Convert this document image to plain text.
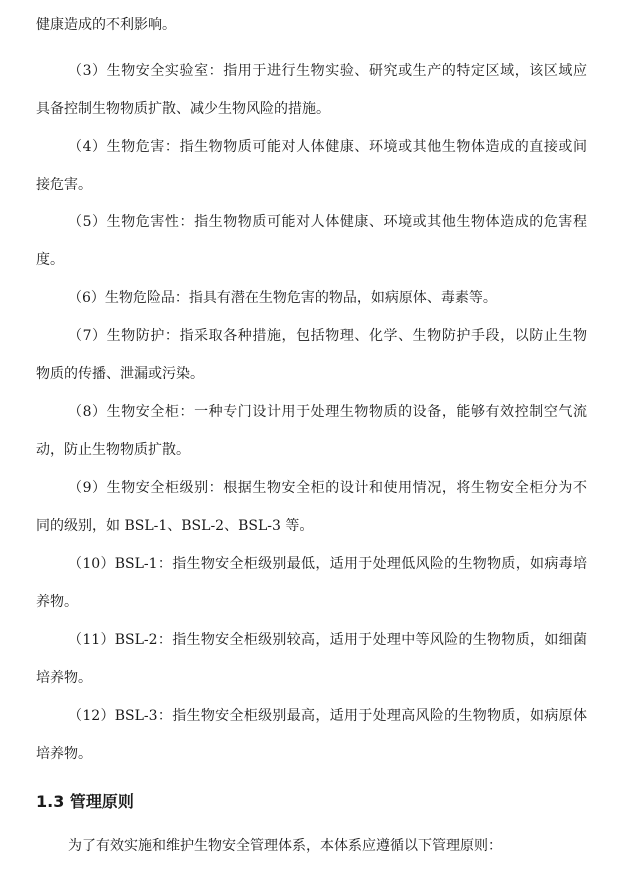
健康造成的不利影响。
（3）生物安全实验室：指用于进行生物实验、研究或生产的特定区域，该区域应
具备控制生物物质扩散、减少生物风险的措施。
（4）生物危害：指生物物质可能对人体健康、环境或其他生物体造成的直接或间
接危害。
（5）生物危害性：指生物物质可能对人体健康、环境或其他生物体造成的危害程
度。
（6）生物危险品：指具有潜在生物危害的物品，如病原体、毒素等。
（7）生物防护：指采取各种措施，包括物理、化学、生物防护手段，以防止生物
物质的传播、泄漏或污染。
（8）生物安全柜：一种专门设计用于处理生物物质的设备，能够有效控制空气流
动，防止生物物质扩散。
（9）生物安全柜级别：根据生物安全柜的设计和使用情况，将生物安全柜分为不
同的级别，如 BSL-1、BSL-2、BSL-3 等。
（10）BSL-1：指生物安全柜级别最低，适用于处理低风险的生物物质，如病毒培
养物。
（11）BSL-2：指生物安全柜级别较高，适用于处理中等风险的生物物质，如细菌
培养物。
（12）BSL-3：指生物安全柜级别最高，适用于处理高风险的生物物质，如病原体
培养物。
1.3 管理原则
为了有效实施和维护生物安全管理体系，本体系应遵循以下管理原则：
